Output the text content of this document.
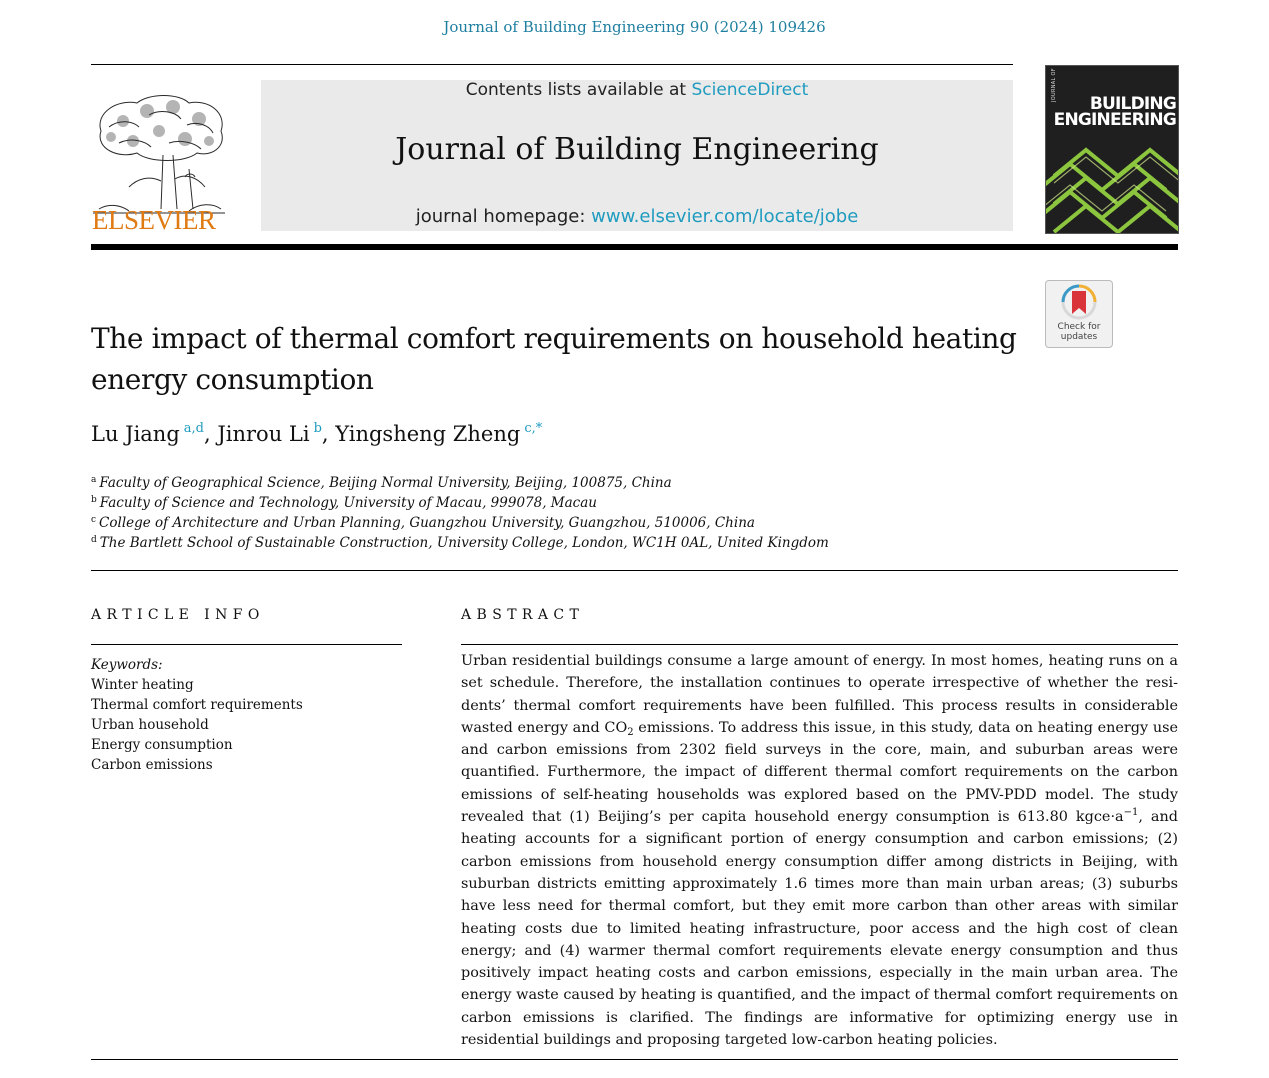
Journal of Building Engineering 90 (2024) 109426
ELSEVIER
Contents lists available at ScienceDirect
Journal of Building Engineering
journal homepage: www.elsevier.com/locate/jobe
JOURNAL OF
BUILDING
ENGINEERING
Check for
updates
The impact of thermal comfort requirements on household heating
energy consumption
Lu Jiang $^{a,d}$, Jinrou Li $^b$, Yingsheng Zheng $^{c,*}$
$^a$ Faculty of Geographical Science, Beijing Normal University, Beijing, 100875, China
$^b$ Faculty of Science and Technology, University of Macau, 999078, Macau
$^c$ College of Architecture and Urban Planning, Guangzhou University, Guangzhou, 510006, China
$^d$ The Bartlett School of Sustainable Construction, University College, London, WC1H 0AL, United Kingdom
ARTICLE INFO
Keywords:
Winter heating
Thermal comfort requirements
Urban household
Energy consumption
Carbon emissions
ABSTRACT

Urban residential buildings consume a large amount of energy. In most homes, heating runs on a set schedule. Therefore, the installation continues to operate irrespective of whether the residents’ thermal comfort requirements have been fulfilled. This process results in considerable wasted energy and $CO_2$ emissions. To address this issue, in this study, data on heating energy use and carbon emissions from 2302 field surveys in the core, main, and suburban areas were quantified. Furthermore, the impact of different thermal comfort requirements on the carbon emissions of self-heating households was explored based on the PMV-PDD model. The study revealed that (1) Beijing’s per capita household energy consumption is 613.80 $kgce\cdot a^{-1}$, and heating accounts for a significant portion of energy consumption and carbon emissions; (2) carbon emissions from household energy consumption differ among districts in Beijing, with suburban districts emitting approximately 1.6 times more than main urban areas; (3) suburbs have less need for thermal comfort, but they emit more carbon than other areas with similar heating costs due to limited heating infrastructure, poor access and the high cost of clean energy; and (4) warmer thermal comfort requirements elevate energy consumption and thus positively impact heating costs and carbon emissions, especially in the main urban area. The energy waste caused by heating is quantified, and the impact of thermal comfort requirements on carbon emissions is clarified. The findings are informative for optimizing energy use in residential buildings and proposing targeted low-carbon heating policies.
